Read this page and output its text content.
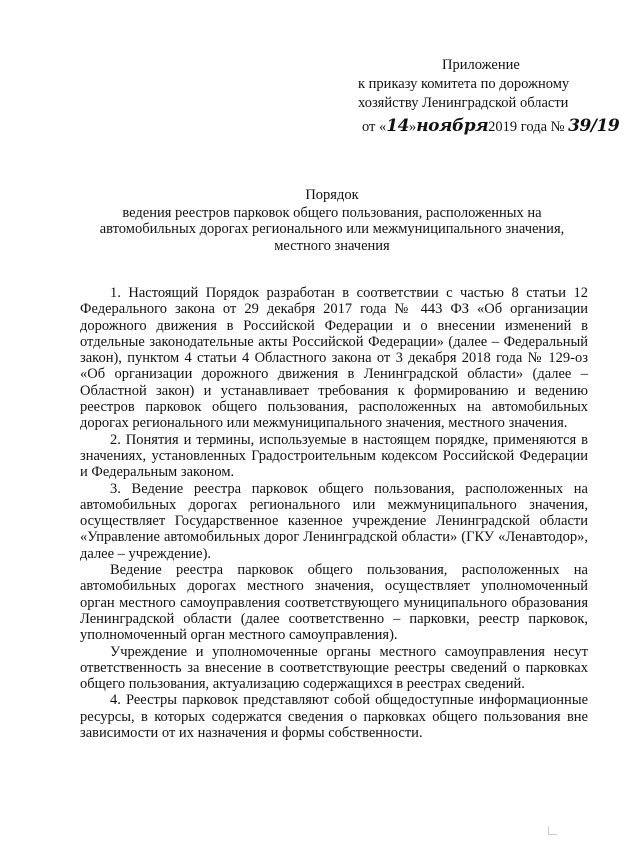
Приложение
к приказу комитета по дорожному
хозяйству Ленинградской области
от «14»ноября2019 года № 39/19
Порядок
ведения реестров парковок общего пользования, расположенных на автомобильных дорогах регионального или межмуниципального значения, местного значения

1. Настоящий Порядок разработан в соответствии с частью 8 статьи 12 Федерального закона от 29 декабря 2017 года № 443 ФЗ «Об организации дорожного движения в Российской Федерации и о внесении изменений в отдельные законодательные акты Российской Федерации» (далее – Федеральный закон), пунктом 4 статьи 4 Областного закона от 3 декабря 2018 года № 129-оз «Об организации дорожного движения в Ленинградской области» (далее – Областной закон) и устанавливает требования к формированию и ведению реестров парковок общего пользования, расположенных на автомобильных дорогах регионального или межмуниципального значения, местного значения.

2. Понятия и термины, используемые в настоящем порядке, применяются в значениях, установленных Градостроительным кодексом Российской Федерации и Федеральным законом.

3. Ведение реестра парковок общего пользования, расположенных на автомобильных дорогах регионального или межмуниципального значения, осуществляет Государственное казенное учреждение Ленинградской области «Управление автомобильных дорог Ленинградской области» (ГКУ «Ленавтодор», далее – учреждение).

Ведение реестра парковок общего пользования, расположенных на автомобильных дорогах местного значения, осуществляет уполномоченный орган местного самоуправления соответствующего муниципального образования Ленинградской области (далее соответственно – парковки, реестр парковок, уполномоченный орган местного самоуправления).

Учреждение и уполномоченные органы местного самоуправления несут ответственность за внесение в соответствующие реестры сведений о парковках общего пользования, актуализацию содержащихся в реестрах сведений.

4. Реестры парковок представляют собой общедоступные информационные ресурсы, в которых содержатся сведения о парковках общего пользования вне зависимости от их назначения и формы собственности.
